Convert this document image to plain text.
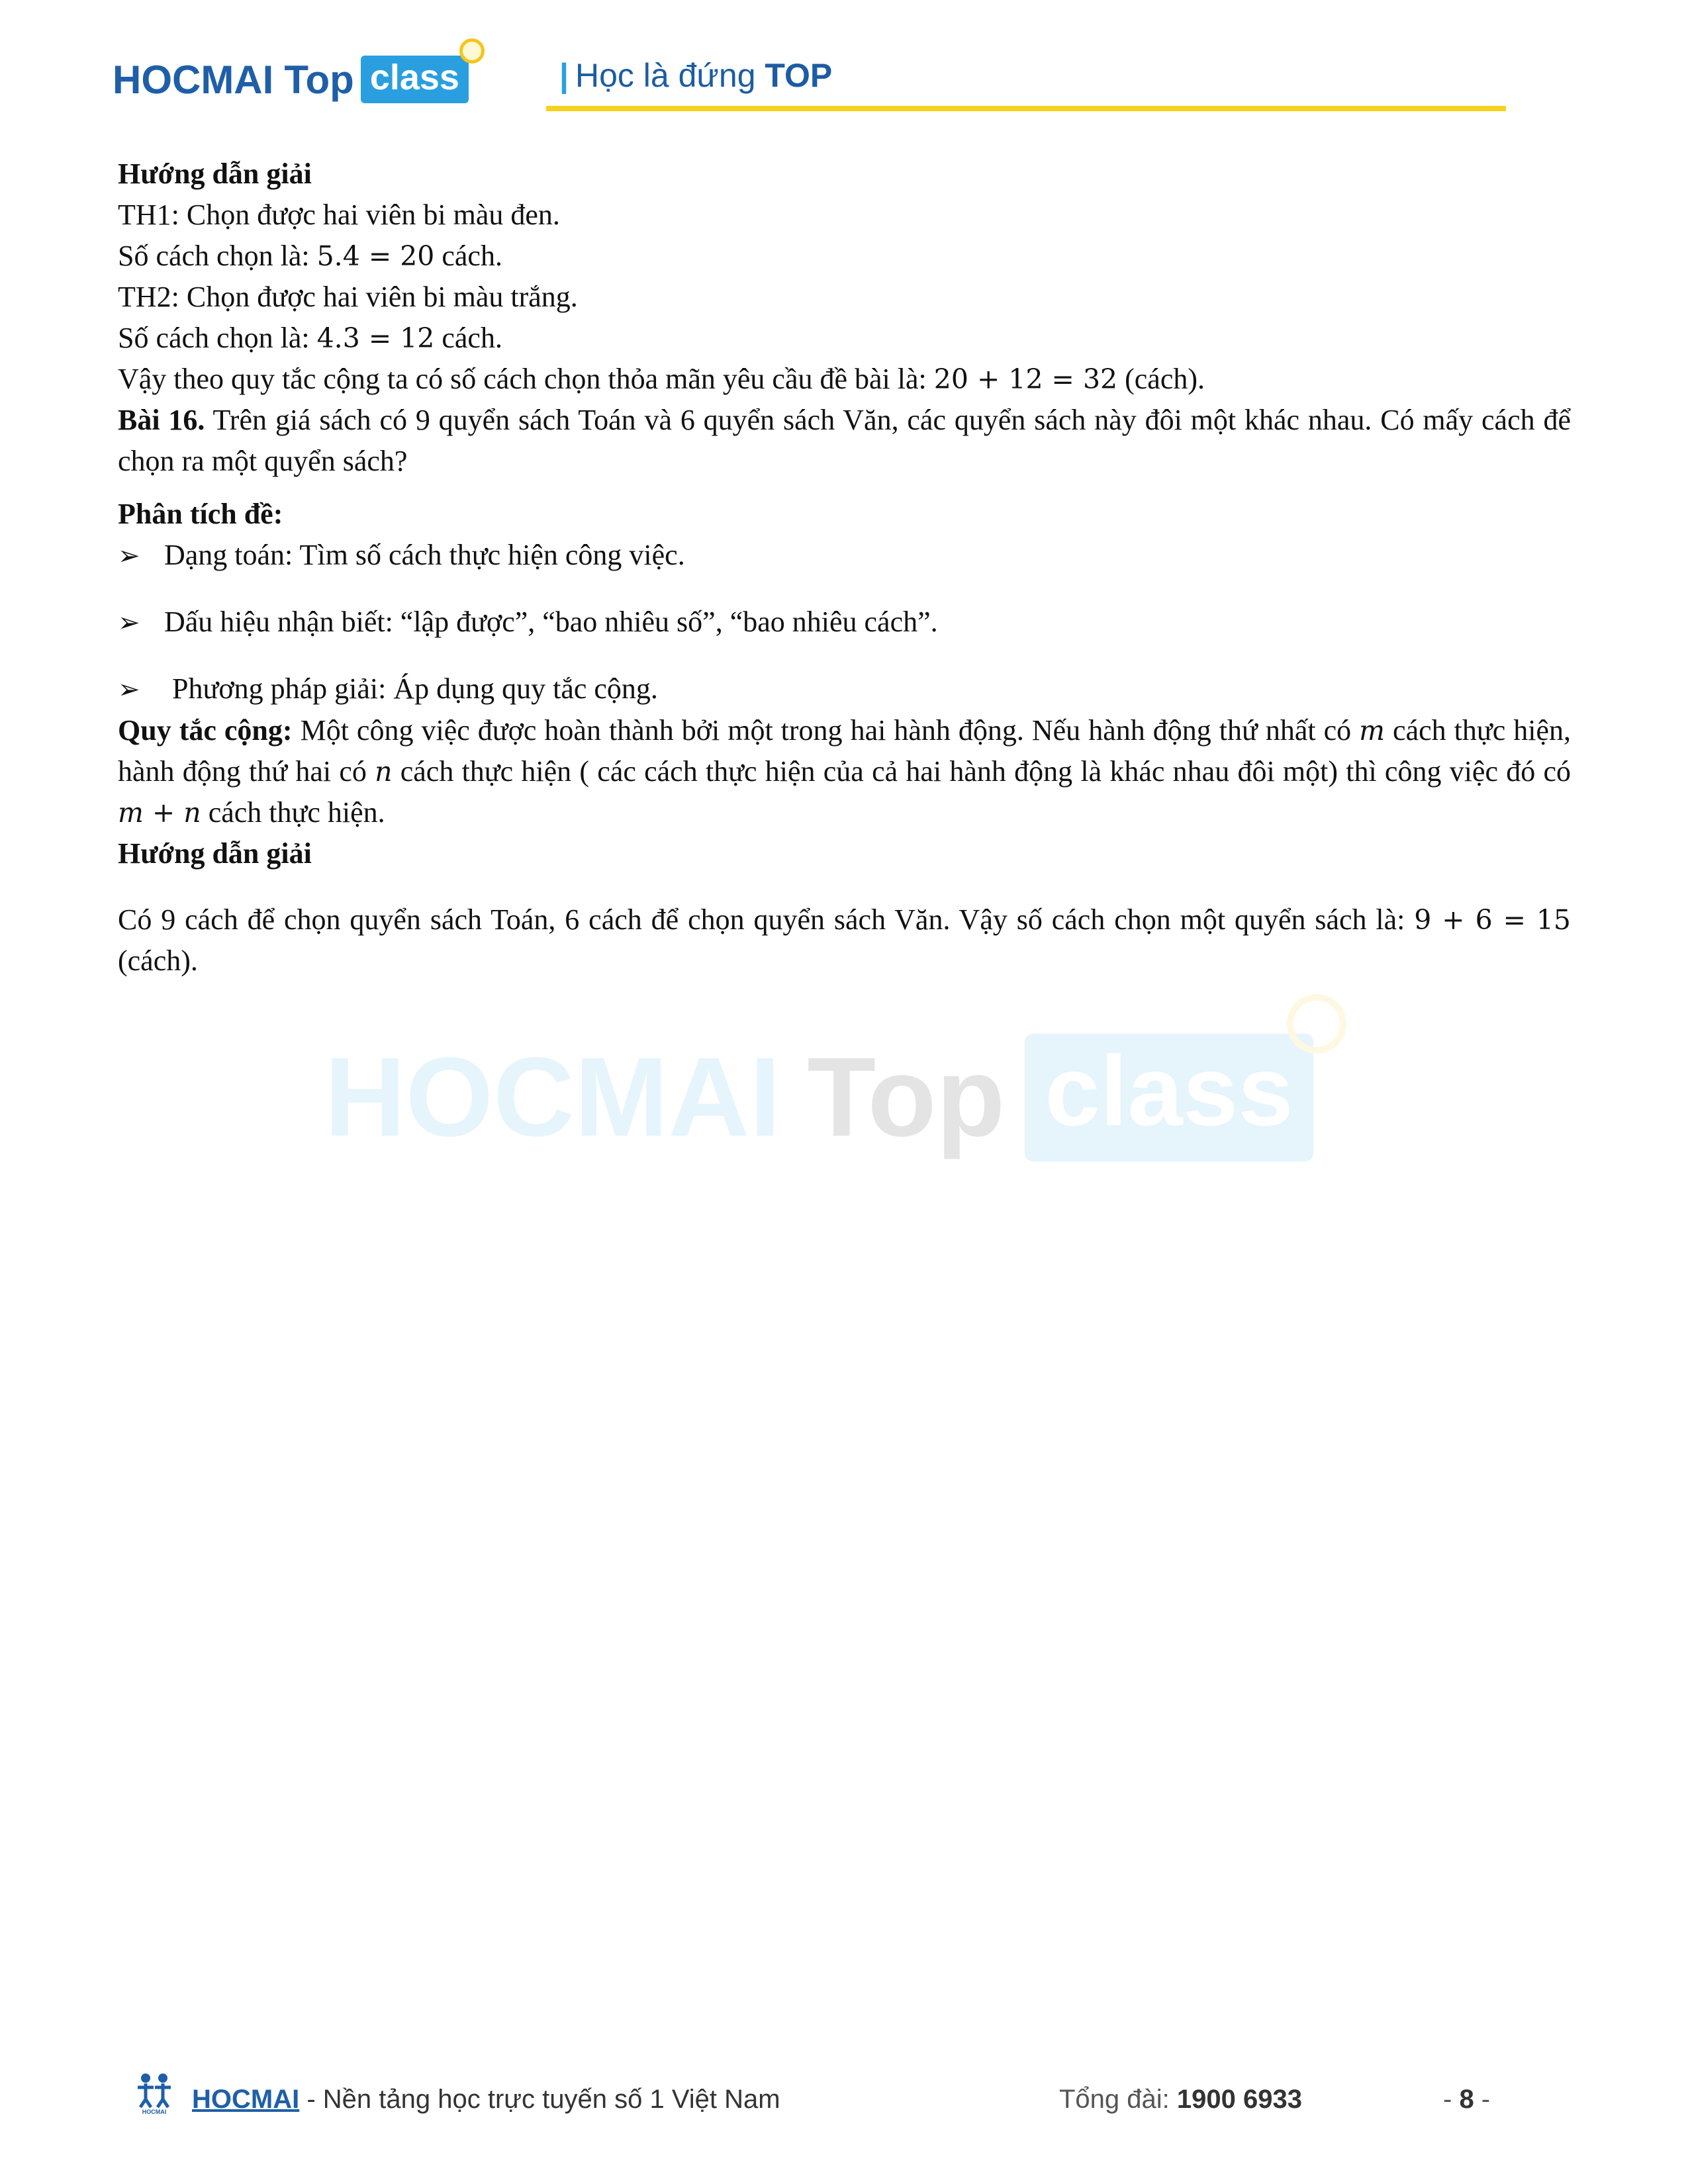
HOCMAI Top class	| Học là đứng TOP
HOCMAI Top class

Hướng dẫn giải

TH1: Chọn được hai viên bi màu đen.

Số cách chọn là: 5.4 = 20 cách.

TH2: Chọn được hai viên bi màu trắng.

Số cách chọn là: 4.3 = 12 cách.

Vậy theo quy tắc cộng ta có số cách chọn thỏa mãn yêu cầu đề bài là: 20 + 12 = 32 (cách).

Bài 16. Trên giá sách có 9 quyển sách Toán và 6 quyển sách Văn, các quyển sách này đôi một khác nhau. Có mấy cách để chọn ra một quyển sách?

Phân tích đề:

➢ Dạng toán: Tìm số cách thực hiện công việc.
➢ Dấu hiệu nhận biết: “lập được”, “bao nhiêu số”, “bao nhiêu cách”.
➢	Phương pháp giải: Áp dụng quy tắc cộng.

Quy tắc cộng: Một công việc được hoàn thành bởi một trong hai hành động. Nếu hành động thứ nhất có m cách thực hiện, hành động thứ hai có n cách thực hiện ( các cách thực hiện của cả hai hành động là khác nhau đôi một) thì công việc đó có m + n cách thực hiện.

Hướng dẫn giải

Có 9 cách để chọn quyển sách Toán, 6 cách để chọn quyển sách Văn. Vậy số cách chọn một quyển sách là: 9 + 6 = 15 (cách).

HOCMAI HOCMAI - Nền tảng học trực tuyến số 1 Việt Nam	Tổng đài: 1900 6933	- 8 -
